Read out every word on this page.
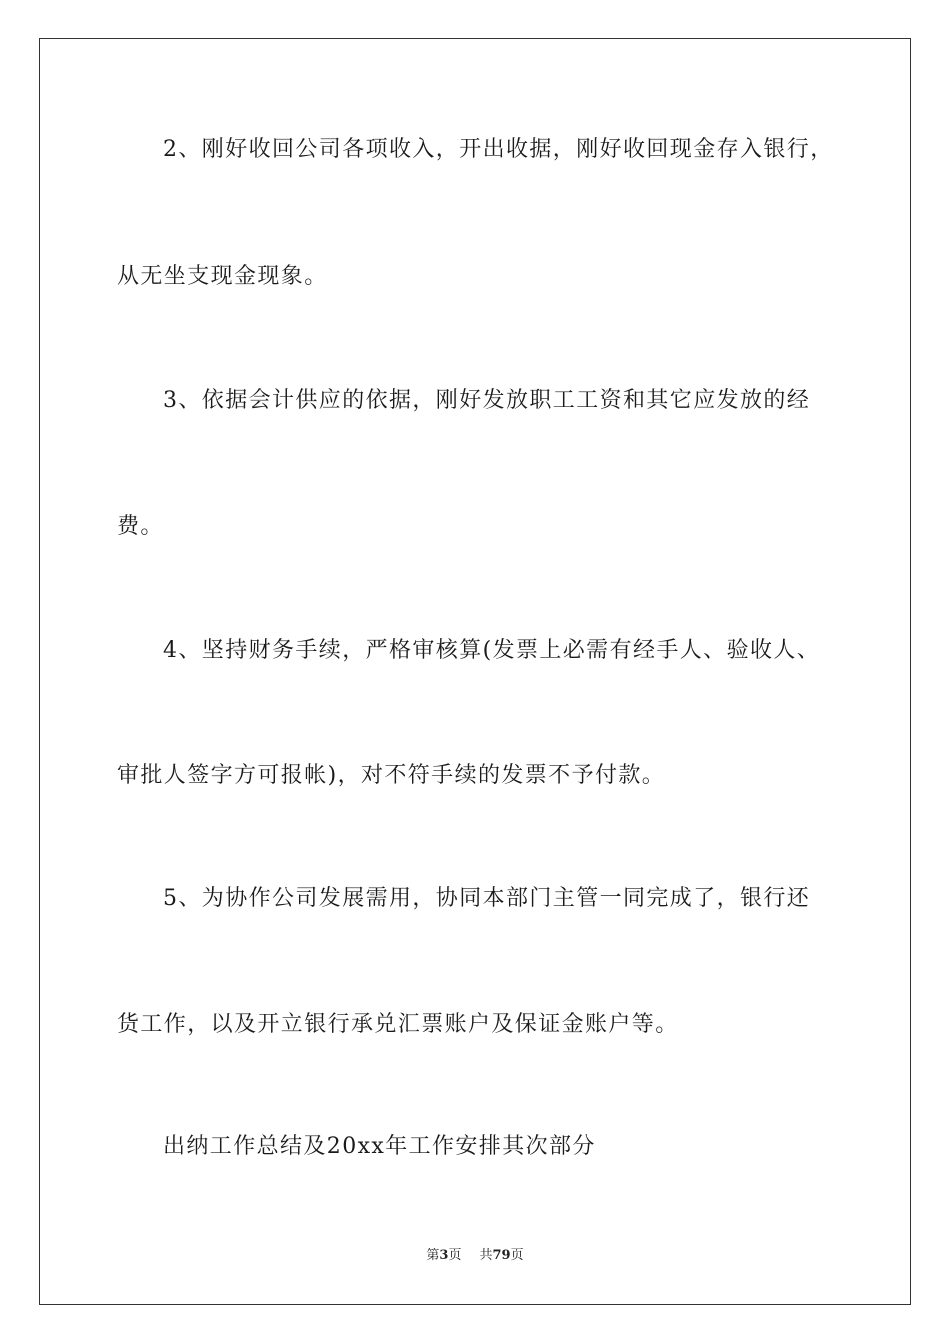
2、刚好收回公司各项收入，开出收据，刚好收回现金存入银行，
从无坐支现金现象。
3、依据会计供应的依据，刚好发放职工工资和其它应发放的经
费。
4、坚持财务手续，严格审核算(发票上必需有经手人、验收人、
审批人签字方可报帐)，对不符手续的发票不予付款。
5、为协作公司发展需用，协同本部门主管一同完成了，银行还
货工作，以及开立银行承兑汇票账户及保证金账户等。
出纳工作总结及20xx年工作安排其次部分
第3页 共79页
